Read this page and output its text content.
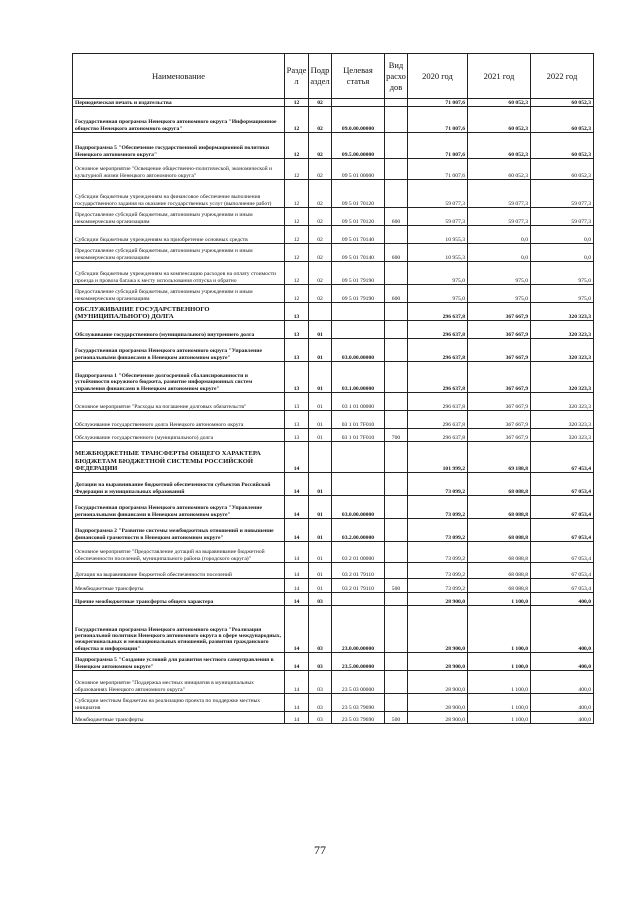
Наименование	Разде л	Подр аздел	Целевая статья	Вид расхо дов	2020 год	2021 год	2022 год
Периодическая печать и издательства	12	02			71 007,6	60 052,3	60 052,3
Государственная программа Ненецкого автономного округа "Информационное общество Ненецкого автономного округа"	12	02	09.0.00.00000		71 007,6	60 052,3	60 052,3
Подпрограмма 5 "Обеспечение государственной информационной политики Ненецкого автономного округа"	12	02	09.5.00.00000		71 007,6	60 052,3	60 052,3
Основное мероприятие "Освещение общественно-политической, экономической и культурной жизни Ненецкого автономного округа"	12	02	09 5 01 00000		71 007,6	60 052,3	60 052,3
Субсидии бюджетным учреждениям на финансовое обеспечение выполнения государственного задания на оказание государственных услуг (выполнение работ)	12	02	09 5 01 70120		59 077,3	59 077,3	59 077,3
Предоставление субсидий бюджетным, автономным учреждениям и иным некоммерческим организациям	12	02	09 5 01 70120	600	59 077,3	59 077,3	59 077,3
Субсидии бюджетным учреждениям на приобретение основных средств	12	02	09 5 01 70140		10 955,3	0,0	0,0
Предоставление субсидий бюджетным, автономным учреждениям и иным некоммерческим организациям	12	02	09 5 01 70140	600	10 955,3	0,0	0,0
Субсидии бюджетным учреждениям на компенсацию расходов на оплату стоимости проезда и провоза багажа к месту использования отпуска и обратно	12	02	09 5 01 79190		975,0	975,0	975,0
Предоставление субсидий бюджетным, автономным учреждениям и иным некоммерческим организациям	12	02	09 5 01 79190	600	975,0	975,0	975,0
ОБСЛУЖИВАНИЕ ГОСУДАРСТВЕННОГО (МУНИЦИПАЛЬНОГО) ДОЛГА	13				296 637,8	367 667,9	320 323,3
Обслуживание государственного (муниципального) внутреннего долга	13	01			296 637,8	367 667,9	320 323,3
Государственная программа Ненецкого автономного округа "Управление региональными финансами в Ненецком автономном округе"	13	01	03.0.00.00000		296 637,8	367 667,9	320 323,3
Подпрограмма 1 "Обеспечение долгосрочной сбалансированности и устойчивости окружного бюджета, развитие информационных систем управления финансами в Ненецком автономном округе"	13	01	03.1.00.00000		296 637,8	367 667,9	320 323,3
Основное мероприятие "Расходы на погашение долговых обязательств"	13	01	03 1 01 00000		296 637,8	367 667,9	320 323,3
Обслуживание государственного долга Ненецкого автономного округа	13	01	03 1 01 7F010		296 637,8	367 667,9	320 323,3
Обслуживание государственного (муниципального) долга	13	01	03 1 01 7F010	700	296 637,8	367 667,9	320 323,3
МЕЖБЮДЖЕТНЫЕ ТРАНСФЕРТЫ ОБЩЕГО ХАРАКТЕРА БЮДЖЕТАМ БЮДЖЕТНОЙ СИСТЕМЫ РОССИЙСКОЙ ФЕДЕРАЦИИ	14				101 999,2	69 188,8	67 453,4
Дотации на выравнивание бюджетной обеспеченности субъектов Российской Федерации и муниципальных образований	14	01			73 099,2	68 088,8	67 053,4
Государственная программа Ненецкого автономного округа "Управление региональными финансами в Ненецком автономном округе"	14	01	03.0.00.00000		73 099,2	68 088,8	67 053,4
Подпрограмма 2 "Развитие системы межбюджетных отношений и повышение финансовой грамотности в Ненецком автономном округе"	14	01	03.2.00.00000		73 099,2	68 088,8	67 053,4
Основное мероприятие "Предоставление дотаций на выравнивание бюджетной обеспеченности поселений, муниципального района (городского округа)"	14	01	03 2 01 00000		73 099,2	68 088,8	67 053,4
Дотация на выравнивание бюджетной обеспеченности поселений	14	01	03 2 01 79110		73 099,2	68 088,8	67 053,4
Межбюджетные трансферты	14	01	03 2 01 79110	500	73 099,2	68 088,8	67 053,4
Прочие межбюджетные трансферты общего характера	14	03			28 900,0	1 100,0	400,0
Государственная программа Ненецкого автономного округа "Реализация региональной политики Ненецкого автономного округа в сфере международных, межрегиональных и межнациональных отношений, развития гражданского общества и информации"	14	03	23.0.00.00000		28 900,0	1 100,0	400,0
Подпрограмма 5 "Создание условий для развития местного самоуправления в Ненецком автономном округе"	14	03	23.5.00.00000		28 900,0	1 100,0	400,0
Основное мероприятие "Поддержка местных инициатив в муниципальных образованиях Ненецкого автономного округа"	14	03	23 5 03 00000		28 900,0	1 100,0	400,0
Субсидии местным бюджетам на реализацию проекта по поддержке местных инициатив	14	03	23 5 03 79690		28 900,0	1 100,0	400,0
Межбюджетные трансферты	14	03	23 5 03 79690	500	28 900,0	1 100,0	400,0
77
